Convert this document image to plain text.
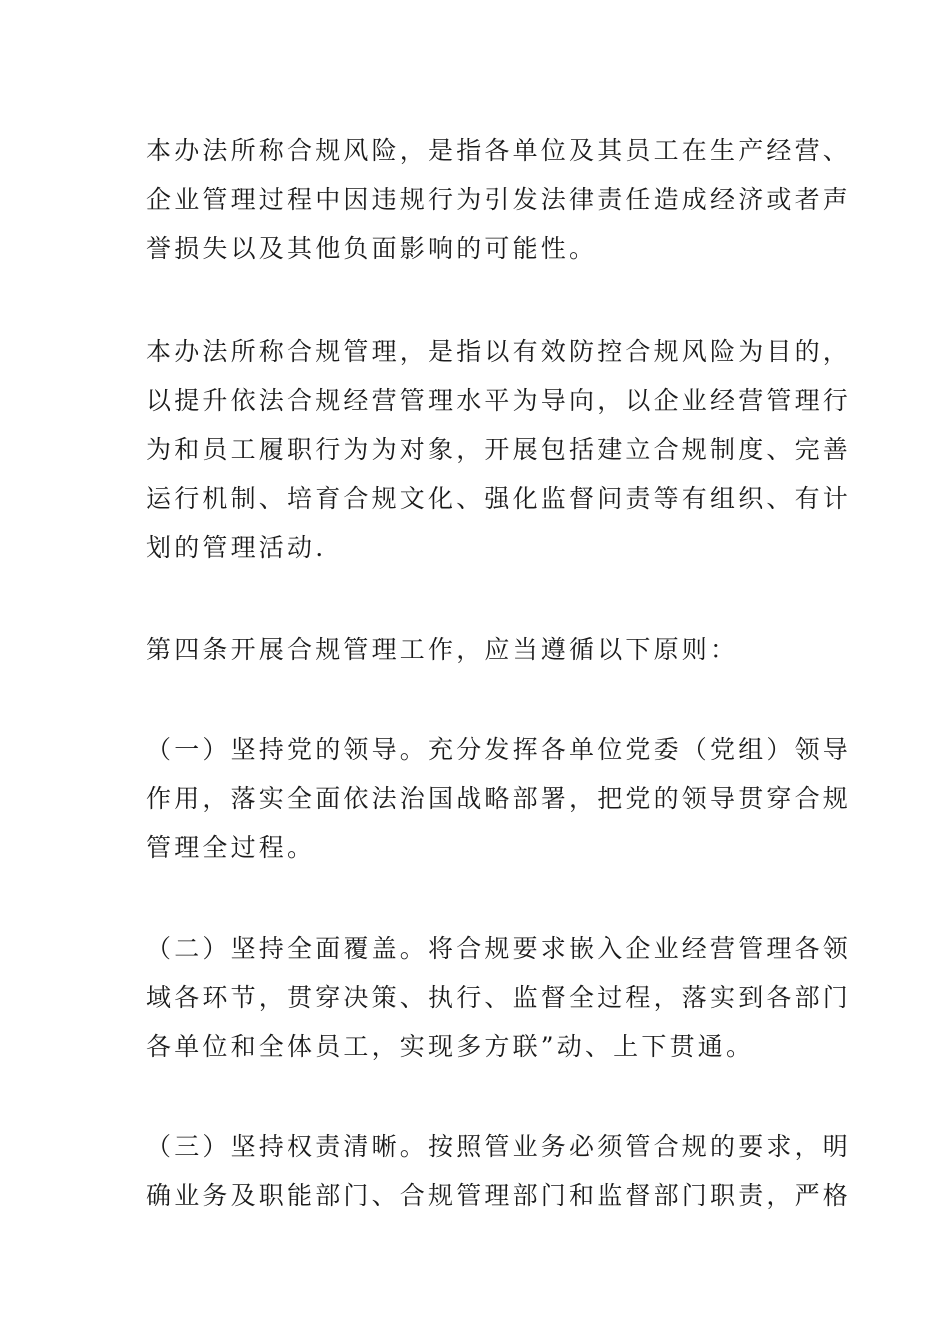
本办法所称合规风险，是指各单位及其员工在生产经营、
企业管理过程中因违规行为引发法律责任造成经济或者声
誉损失以及其他负面影响的可能性。

本办法所称合规管理，是指以有效防控合规风险为目的，
以提升依法合规经营管理水平为导向，以企业经营管理行
为和员工履职行为为对象，开展包括建立合规制度、完善
运行机制、培育合规文化、强化监督问责等有组织、有计
划的管理活动.

第四条开展合规管理工作，应当遵循以下原则：

（一）坚持党的领导。充分发挥各单位党委（党组）领导
作用，落实全面依法治国战略部署，把党的领导贯穿合规
管理全过程。

（二）坚持全面覆盖。将合规要求嵌入企业经营管理各领
域各环节，贯穿决策、执行、监督全过程，落实到各部门
各单位和全体员工，实现多方联”动、上下贯通。

（三）坚持权责清晰。按照管业务必须管合规的要求，明
确业务及职能部门、合规管理部门和监督部门职责，严格
